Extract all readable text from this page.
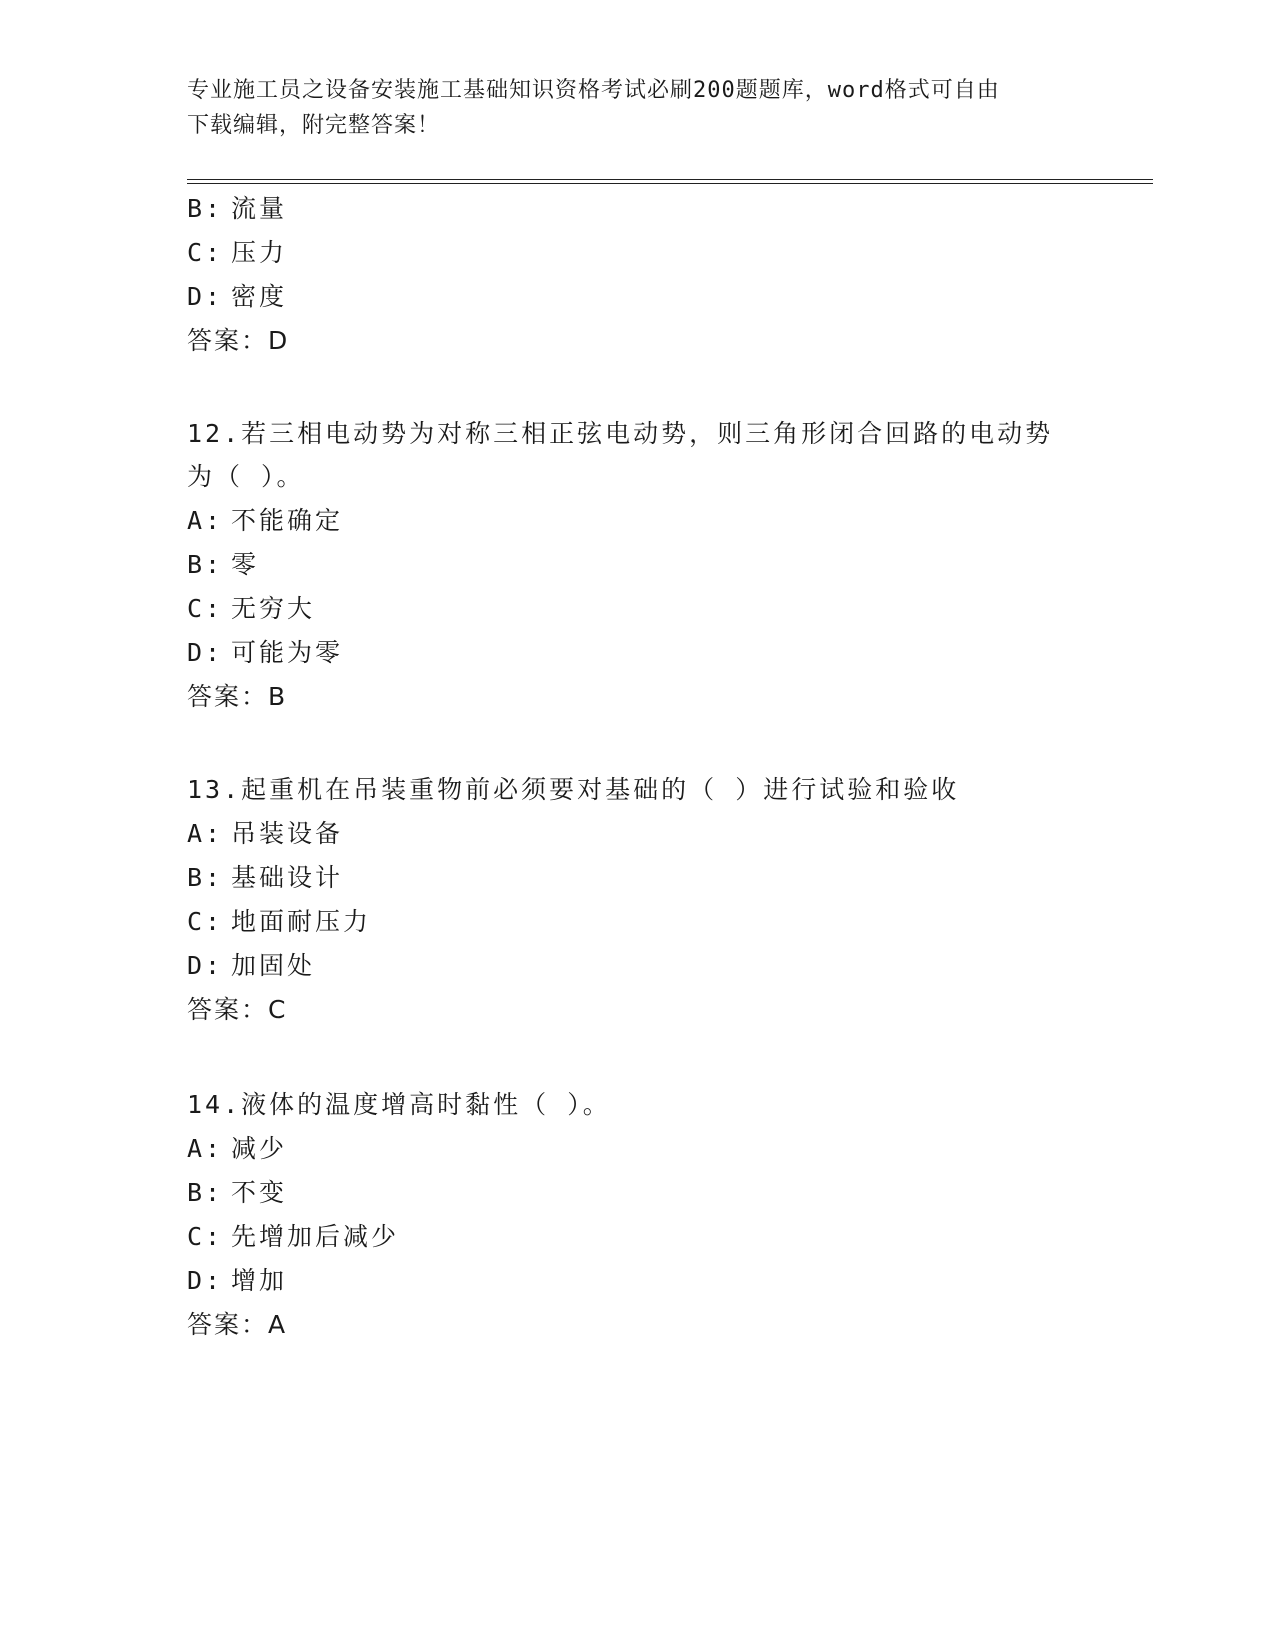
专业施工员之设备安装施工基础知识资格考试必刷200题题库，word格式可自由
下载编辑，附完整答案！
B: 流量
C: 压力
D: 密度
答案：D
12.若三相电动势为对称三相正弦电动势，则三角形闭合回路的电动势
为（ ）。
A: 不能确定
B: 零
C: 无穷大
D: 可能为零
答案：B
13.起重机在吊装重物前必须要对基础的（ ）进行试验和验收
A: 吊装设备
B: 基础设计
C: 地面耐压力
D: 加固处
答案：C
14.液体的温度增高时黏性（ ）。
A: 减少
B: 不变
C: 先增加后减少
D: 增加
答案：A
